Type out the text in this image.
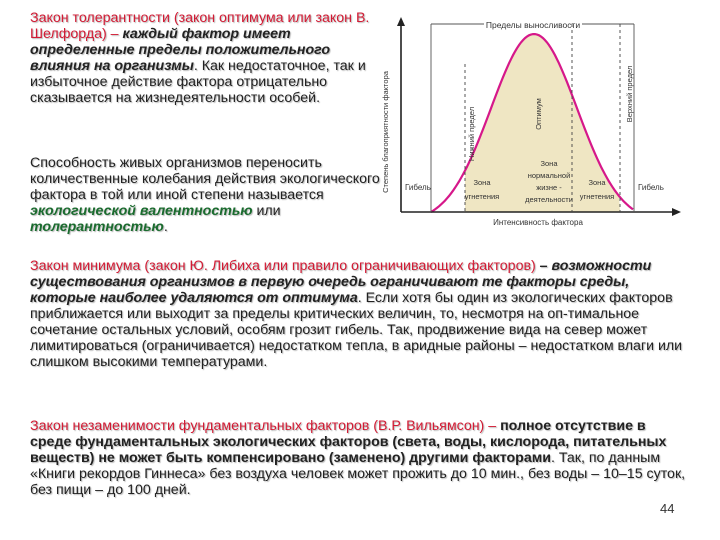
Закон толерантности (закон оптимума или закон В. Шелфорда) – каждый фактор имеет определенные пределы положительного влияния на организмы. Как недостаточное, так и избыточное действие фактора отрицательно сказывается на жизнедеятельности особей.
Способность живых организмов переносить количественные колебания действия экологического фактора в той или иной степени называется экологической валентностью или толерантностью.
Закон минимума (закон Ю. Либиха или правило ограничивающих факторов) – возможности существования организмов в первую очередь ограничивают те факторы среды, которые наиболее удаляются от оптимума. Если хотя бы один из экологических факторов приближается или выходит за пределы критических величин, то, несмотря на оп-тимальное сочетание остальных условий, особям грозит гибель. Так, продвижение вида на север может лимитироваться (ограничивается) недостатком тепла, в аридные районы – недостатком влаги или слишком высокими температурами.
Закон незаменимости фундаментальных факторов (В.Р. Вильямсон) – полное отсутствие в среде фундаментальных экологических факторов (света, воды, кислорода, питательных веществ) не может быть компенсировано (заменено) другими факторами. Так, по данным «Книги рекордов Гиннеса» без воздуха человек может прожить до 10 мин., без воды – 10–15 суток, без пищи – до 100 дней.
44
Пределы выносливости
Степень благоприятности фактора	Нижний предел	Оптимум	Верхний предел
Гибель
Зона
угнетения
Зона
нормальной
жизне -
деятельности
Зона
угнетения
Гибель
Интенсивность фактора
